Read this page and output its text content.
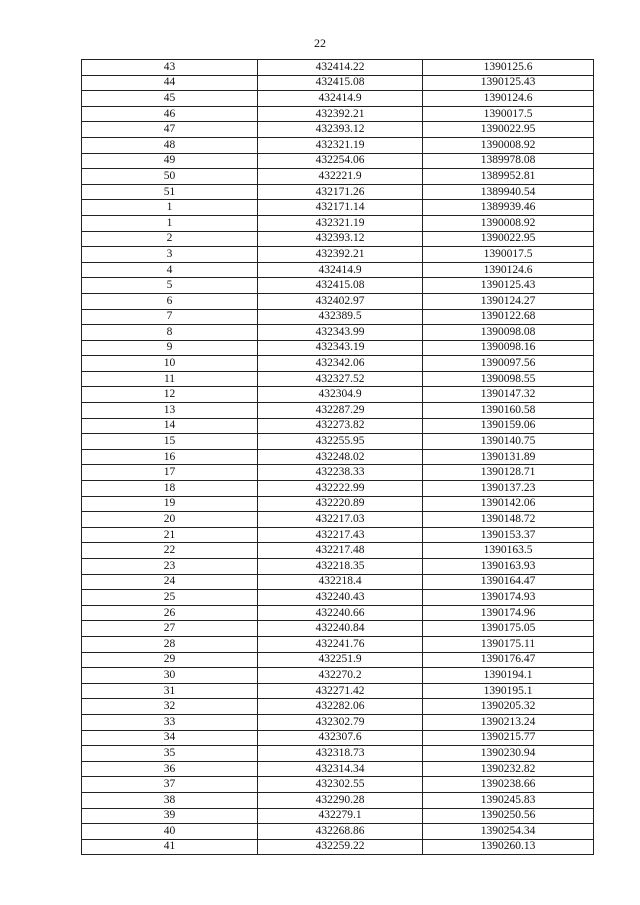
22
43	432414.22	1390125.6
44	432415.08	1390125.43
45	432414.9	1390124.6
46	432392.21	1390017.5
47	432393.12	1390022.95
48	432321.19	1390008.92
49	432254.06	1389978.08
50	432221.9	1389952.81
51	432171.26	1389940.54
1	432171.14	1389939.46
1	432321.19	1390008.92
2	432393.12	1390022.95
3	432392.21	1390017.5
4	432414.9	1390124.6
5	432415.08	1390125.43
6	432402.97	1390124.27
7	432389.5	1390122.68
8	432343.99	1390098.08
9	432343.19	1390098.16
10	432342.06	1390097.56
11	432327.52	1390098.55
12	432304.9	1390147.32
13	432287.29	1390160.58
14	432273.82	1390159.06
15	432255.95	1390140.75
16	432248.02	1390131.89
17	432238.33	1390128.71
18	432222.99	1390137.23
19	432220.89	1390142.06
20	432217.03	1390148.72
21	432217.43	1390153.37
22	432217.48	1390163.5
23	432218.35	1390163.93
24	432218.4	1390164.47
25	432240.43	1390174.93
26	432240.66	1390174.96
27	432240.84	1390175.05
28	432241.76	1390175.11
29	432251.9	1390176.47
30	432270.2	1390194.1
31	432271.42	1390195.1
32	432282.06	1390205.32
33	432302.79	1390213.24
34	432307.6	1390215.77
35	432318.73	1390230.94
36	432314.34	1390232.82
37	432302.55	1390238.66
38	432290.28	1390245.83
39	432279.1	1390250.56
40	432268.86	1390254.34
41	432259.22	1390260.13
